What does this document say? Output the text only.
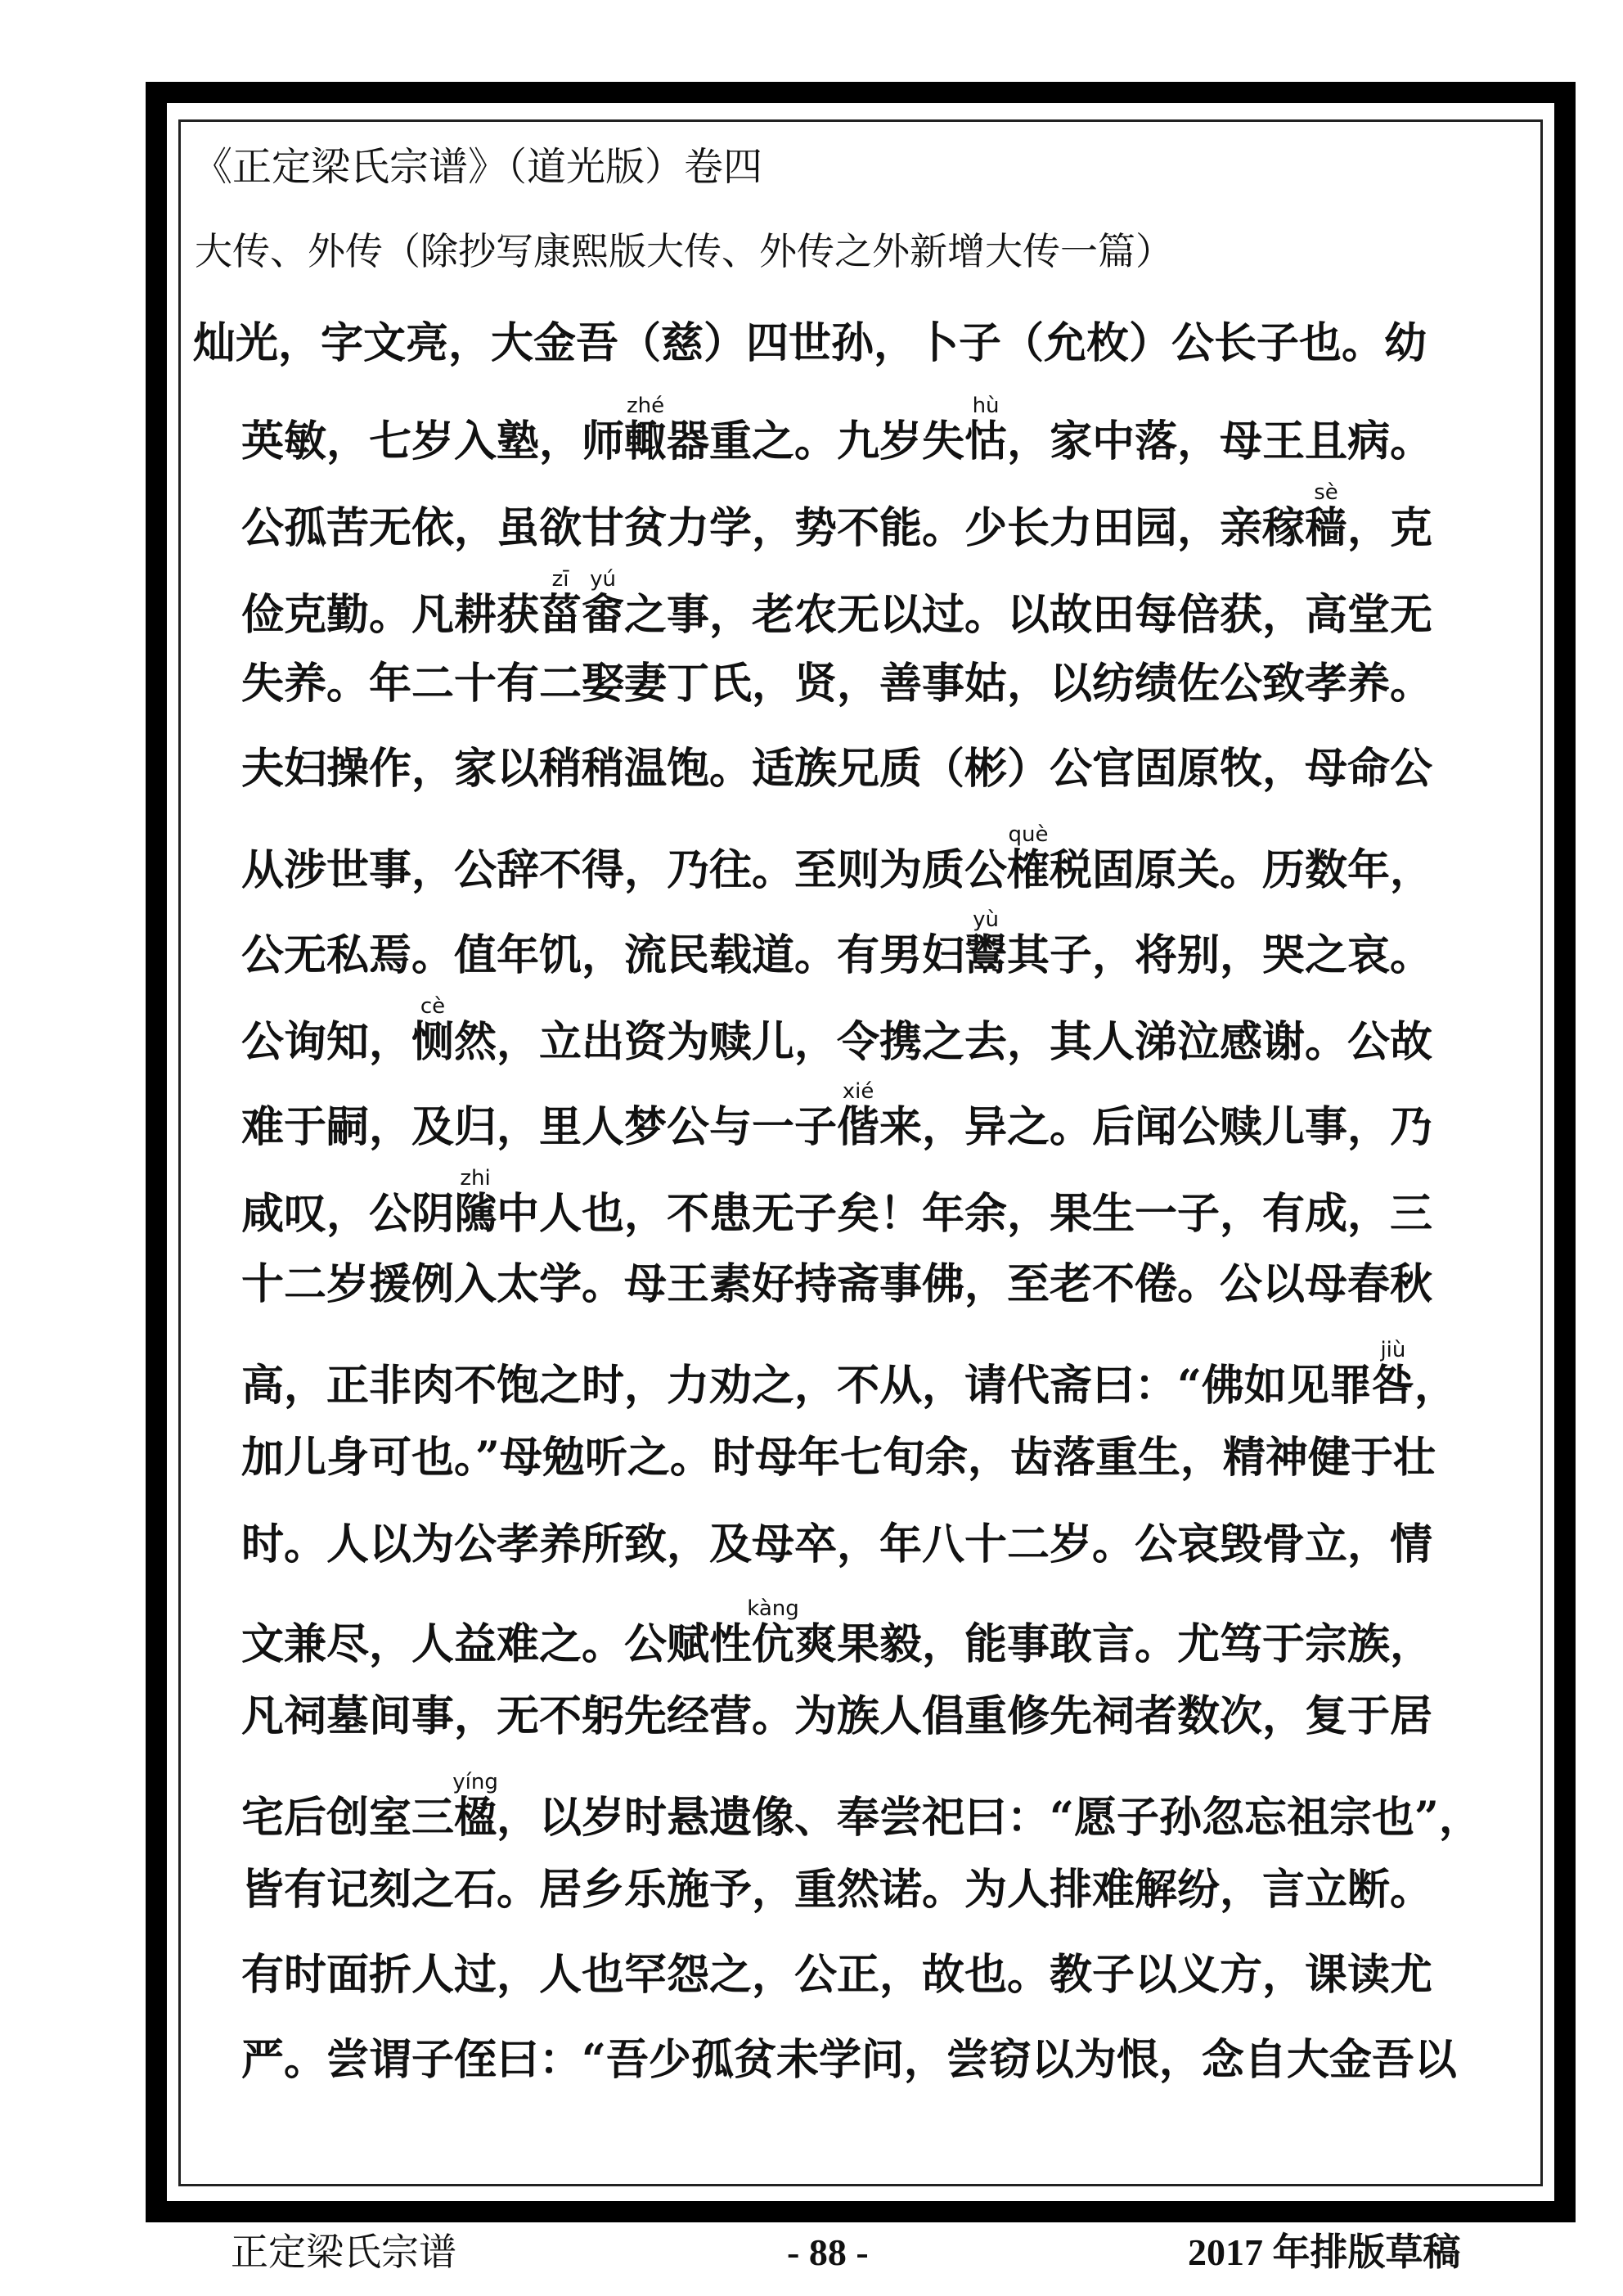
《正定梁氏宗谱》（道光版）卷四
大传、外传（除抄写康熙版大传、外传之外新增大传一篇）
灿光，字文亮，大金吾（慈）四世孙，卜子（允枚）公长子也。幼
英敏，七岁入塾，师輙zhé器重之。九岁失怙hù，家中落，母王且病。
公孤苦无依，虽欲甘贫力学，势不能。少长力田园，亲稼穑sè，克
俭克勤。凡耕获菑zī畬yú之事，老农无以过。以故田每倍获，高堂无
失养。年二十有二娶妻丁氏，贤，善事姑，以纺绩佐公致孝养。
夫妇操作，家以稍稍温饱。适族兄质（彬）公官固原牧，母命公
从涉世事，公辞不得，乃往。至则为质公榷què税固原关。历数年，
公无私焉。值年饥，流民载道。有男妇鬻yù其子，将别，哭之哀。
公询知，恻cè然，立出资为赎儿，令携之去，其人涕泣感谢。公故
难于嗣，及归，里人梦公与一子偕xié来，异之。后闻公赎儿事，乃
咸叹，公阴隲zhi中人也，不患无子矣！年余，果生一子，有成，三
十二岁援例入太学。母王素好持斋事佛，至老不倦。公以母春秋
高，正非肉不饱之时，力劝之，不从，请代斋曰：“佛如见罪咎jiù，
加儿身可也。”母勉听之。时母年七旬余，齿落重生，精神健于壮
时。人以为公孝养所致，及母卒，年八十二岁。公哀毁骨立，情
文兼尽，人益难之。公赋性伉kàng爽果毅，能事敢言。尤笃于宗族，
凡祠墓间事，无不躬先经营。为族人倡重修先祠者数次，复于居
宅后创室三楹yíng，以岁时悬遗像、奉尝祀曰：“愿子孙忽忘祖宗也”，
皆有记刻之石。居乡乐施予，重然诺。为人排难解纷，言立断。
有时面折人过，人也罕怨之，公正，故也。教子以义方，课读尤
严。尝谓子侄曰：“吾少孤贫未学问，尝窃以为恨，念自大金吾以
正定梁氏宗谱	- 88 -	2017 年排版草稿
